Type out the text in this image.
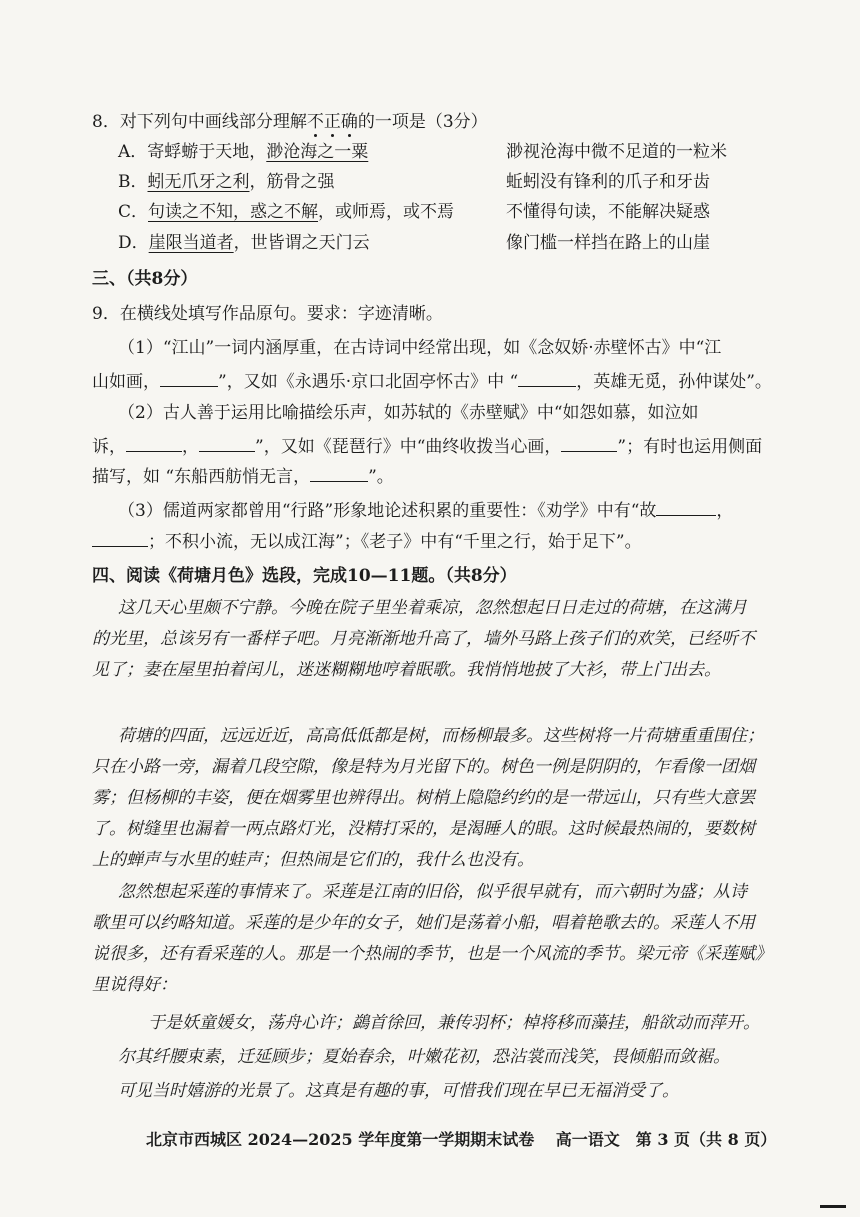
8．对下列句中画线部分理解不正确的一项是（3分）
A．寄蜉蝣于天地，渺沧海之一粟	渺视沧海中微不足道的一粒米
B．蚓无爪牙之利，筋骨之强	蚯蚓没有锋利的爪子和牙齿
C．句读之不知，惑之不解，或师焉，或不焉	不懂得句读，不能解决疑惑
D．崖限当道者，世皆谓之天门云	像门槛一样挡在路上的山崖
三、（共8分）
9．在横线处填写作品原句。要求：字迹清晰。
（1）“江山”一词内涵厚重，在古诗词中经常出现，如《念奴娇·赤壁怀古》中“江
山如画，	”，又如《永遇乐·京口北固亭怀古》中 “	，英雄无觅，孙仲谋处”。
（2）古人善于运用比喻描绘乐声，如苏轼的《赤壁赋》中“如怨如慕，如泣如
诉，	，	”，又如《琵琶行》中“曲终收拨当心画，	”；有时也运用侧面
描写，如 “东船西舫悄无言，	”。
（3）儒道两家都曾用“行路”形象地论述积累的重要性：《劝学》中有“故	，
；不积小流，无以成江海”；《老子》中有“千里之行，始于足下”。
四、阅读《荷塘月色》选段，完成10—11题。（共8分）
这几天心里颇不宁静。今晚在院子里坐着乘凉，忽然想起日日走过的荷塘，在这满月
的光里，总该另有一番样子吧。月亮渐渐地升高了，墙外马路上孩子们的欢笑，已经听不
见了；妻在屋里拍着闰儿，迷迷糊糊地哼着眠歌。我悄悄地披了大衫，带上门出去。
荷塘的四面，远远近近，高高低低都是树，而杨柳最多。这些树将一片荷塘重重围住；
只在小路一旁，漏着几段空隙，像是特为月光留下的。树色一例是阴阴的，乍看像一团烟
雾；但杨柳的丰姿，便在烟雾里也辨得出。树梢上隐隐约约的是一带远山，只有些大意罢
了。树缝里也漏着一两点路灯光，没精打采的，是渴睡人的眼。这时候最热闹的，要数树
上的蝉声与水里的蛙声；但热闹是它们的，我什么也没有。
忽然想起采莲的事情来了。采莲是江南的旧俗，似乎很早就有，而六朝时为盛；从诗
歌里可以约略知道。采莲的是少年的女子，她们是荡着小船，唱着艳歌去的。采莲人不用
说很多，还有看采莲的人。那是一个热闹的季节，也是一个风流的季节。梁元帝《采莲赋》
里说得好：
于是妖童媛女，荡舟心许；鷁首徐回，兼传羽杯；棹将移而藻挂，船欲动而萍开。
尔其纤腰束素，迁延顾步；夏始春余，叶嫩花初，恐沾裳而浅笑，畏倾船而敛裾。
可见当时嬉游的光景了。这真是有趣的事，可惜我们现在早已无福消受了。
北京市西城区 2024—2025 学年度第一学期期末试卷　 高一语文　第 3 页（共 8 页）
